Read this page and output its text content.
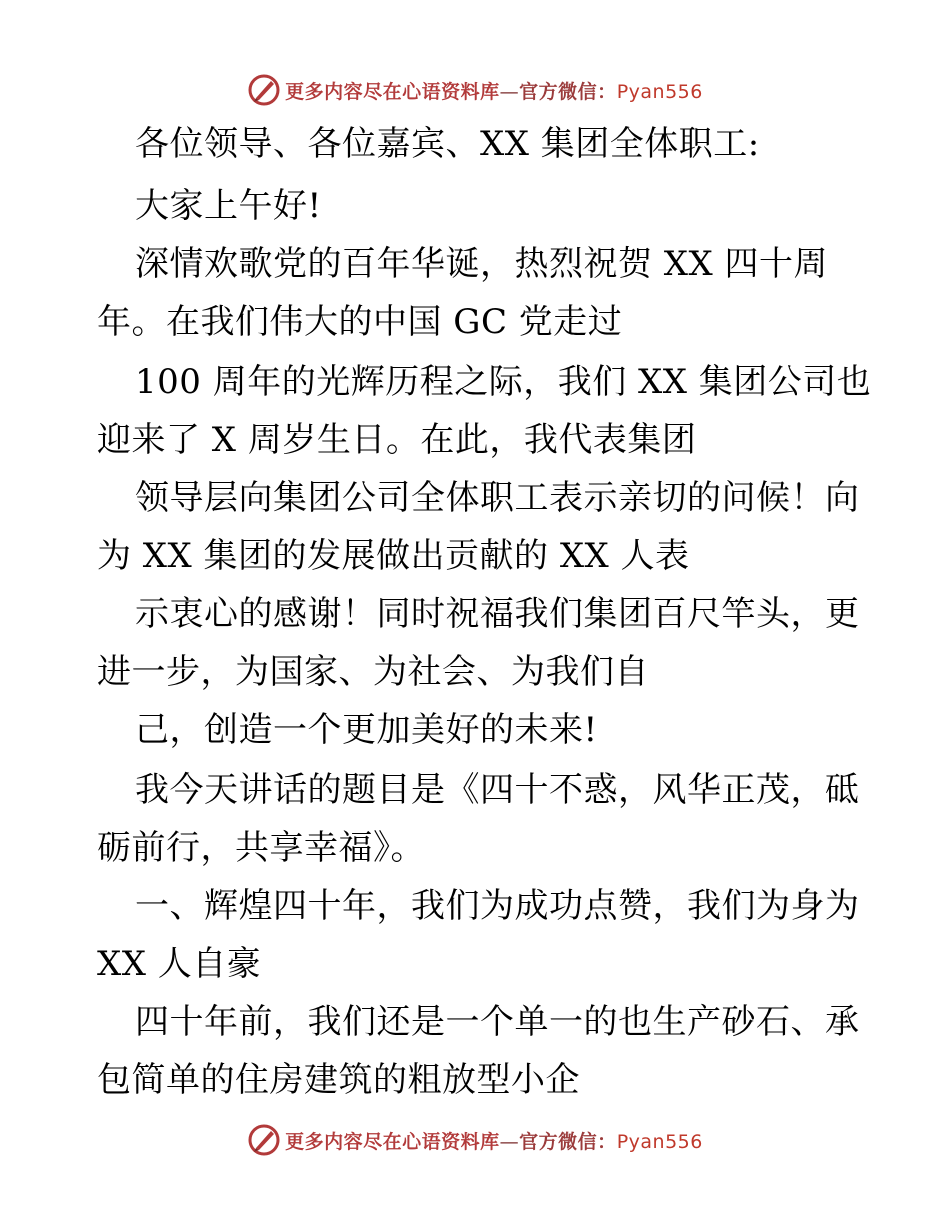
更多内容尽在心语资料库—官方微信：Pyan556
各位领导、各位嘉宾、XX 集团全体职工:
大家上午好!
深情欢歌党的百年华诞，热烈祝贺 XX 四十周
年。在我们伟大的中国 GC 党走过
100 周年的光辉历程之际，我们 XX 集团公司也
迎来了 X 周岁生日。在此，我代表集团
领导层向集团公司全体职工表示亲切的问候！向
为 XX 集团的发展做出贡献的 XX 人表
示衷心的感谢！同时祝福我们集团百尺竿头，更
进一步，为国家、为社会、为我们自
己，创造一个更加美好的未来!
我今天讲话的题目是《四十不惑，风华正茂，砥
砺前行，共享幸福》。
一、辉煌四十年，我们为成功点赞，我们为身为
XX 人自豪
四十年前，我们还是一个单一的也生产砂石、承
包简单的住房建筑的粗放型小企
更多内容尽在心语资料库—官方微信：Pyan556
